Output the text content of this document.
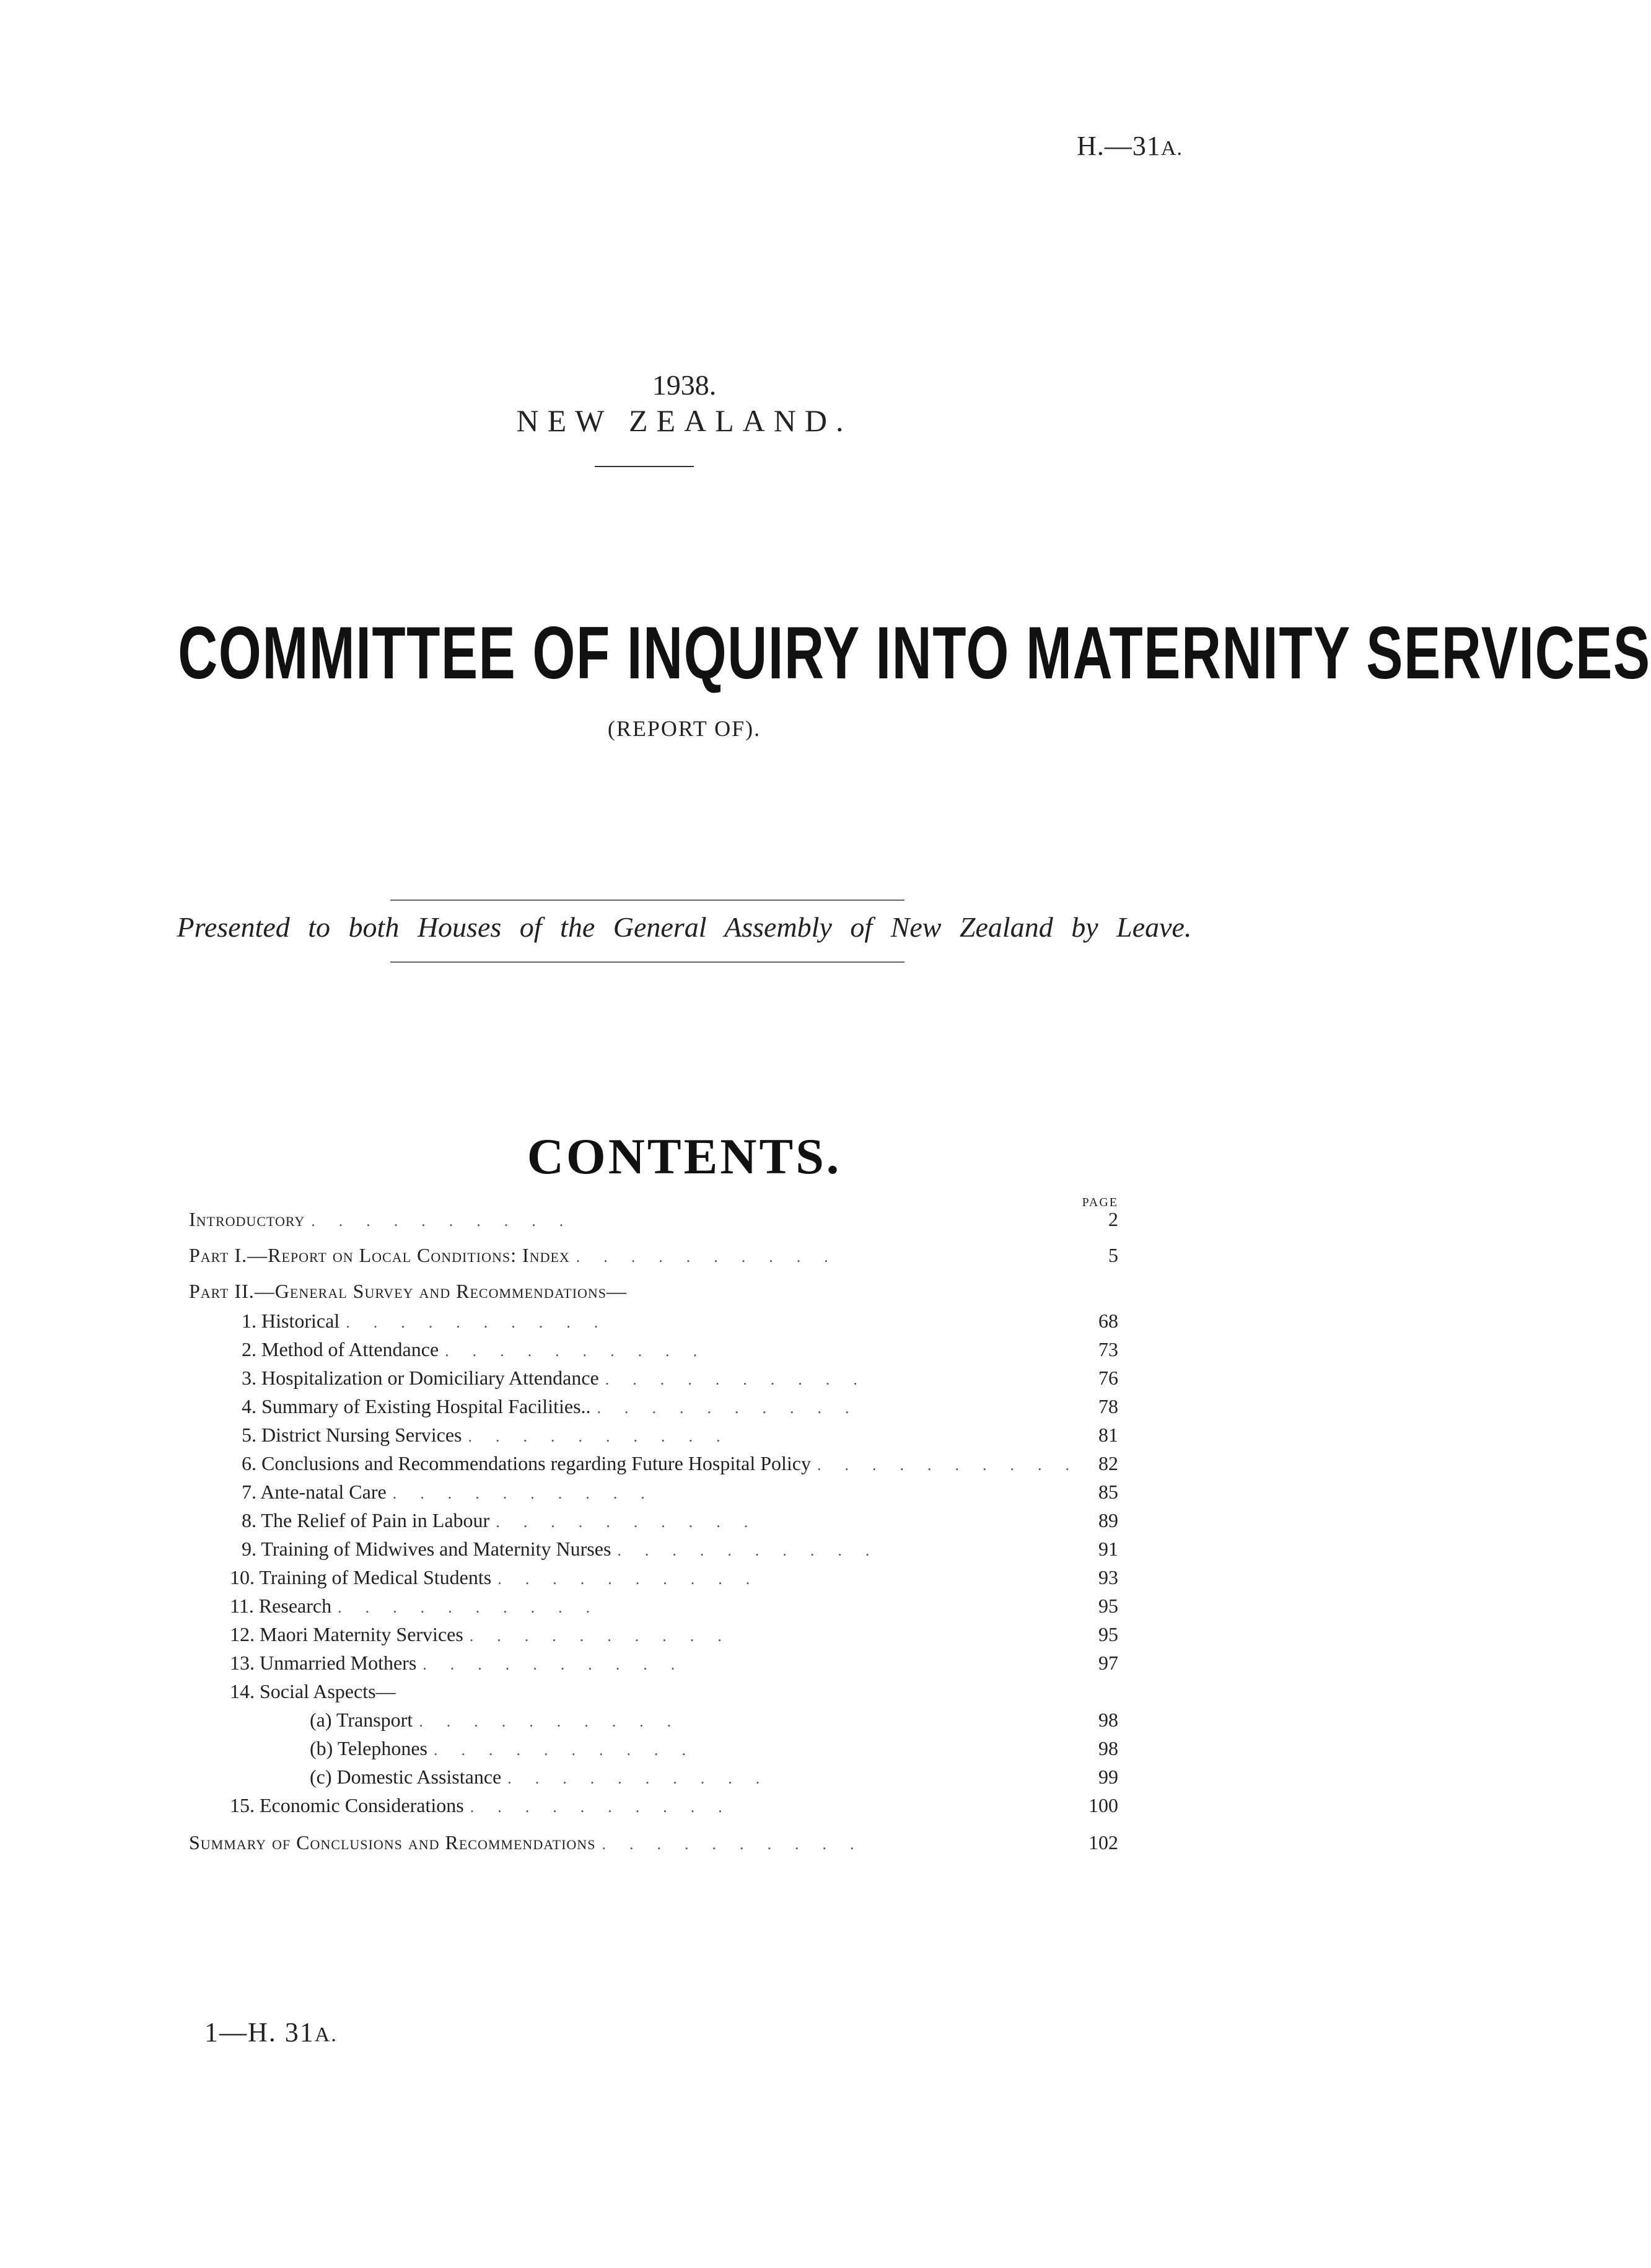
H.—31A.
1938.
NEW ZEALAND.
COMMITTEE OF INQUIRY INTO MATERNITY SERVICES
(REPORT OF).
Presented to both Houses of the General Assembly of New Zealand by Leave.
CONTENTS.
PAGE
Introductory ..........	2
Part I.—Report on Local Conditions: Index ..........	5
Part II.—General Survey and Recommendations—
1. Historical ..........	68
2. Method of Attendance ..........	73
3. Hospitalization or Domiciliary Attendance ..........	76
4. Summary of Existing Hospital Facilities.. ..........	78
5. District Nursing Services ..........	81
6. Conclusions and Recommendations regarding Future Hospital Policy .......... 82
7. Ante-natal Care ..........	85
8. The Relief of Pain in Labour ..........	89
9. Training of Midwives and Maternity Nurses ..........	91
10. Training of Medical Students ..........	93
11. Research ..........	95
12. Maori Maternity Services ..........	95
13. Unmarried Mothers ..........	97
14. Social Aspects—
(a) Transport ..........	98
(b) Telephones ..........	98
(c) Domestic Assistance ..........	99
15. Economic Considerations ..........	100
Summary of Conclusions and Recommendations ..........	102
1—H. 31A.
